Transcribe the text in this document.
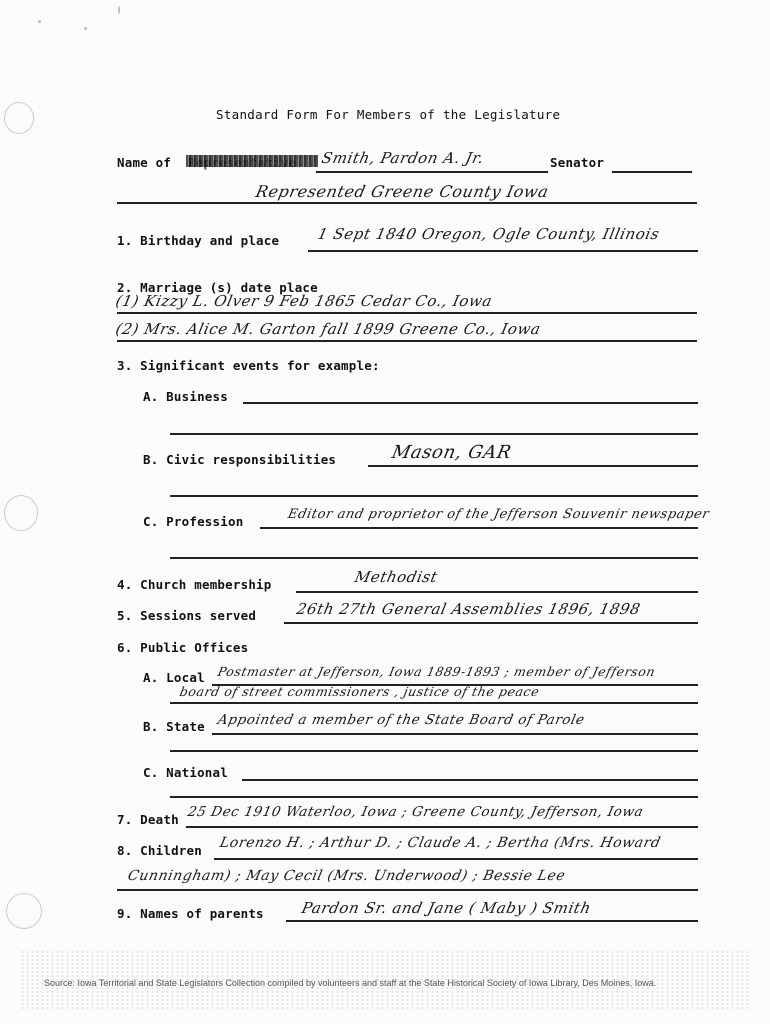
Standard Form For Members of the Legislature
Name of	Smith, Pardon A. Jr.	Senator
Represented Greene County Iowa
1. Birthday and place 1 Sept 1840 Oregon, Ogle County, Illinois
2. Marriage (s) date place
(1) Kizzy L. Olver 9 Feb 1865 Cedar Co., Iowa
(2) Mrs. Alice M. Garton fall 1899 Greene Co., Iowa
3. Significant events for example:
A. Business
B. Civic responsibilities	Mason, GAR
C. Profession	Editor and proprietor of the Jefferson Souvenir newspaper
4. Church membership	Methodist
5. Sessions served	26th 27th General Assemblies 1896, 1898
6. Public Offices
A. Local Postmaster at Jefferson, Iowa 1889-1893 ; member of Jefferson
board of street commissioners , justice of the peace
B. State Appointed a member of the State Board of Parole
C. National
7. Death 25 Dec 1910 Waterloo, Iowa ; Greene County, Jefferson, Iowa
8. Children Lorenzo H. ; Arthur D. ; Claude A. ; Bertha (Mrs. Howard
Cunningham) ; May Cecil (Mrs. Underwood) ; Bessie Lee
9. Names of parents Pardon Sr. and Jane ( Maby ) Smith
Source: Iowa Territorial and State Legislators Collection compiled by volunteers and staff at the State Historical Society of Iowa Library, Des Moines, Iowa.
